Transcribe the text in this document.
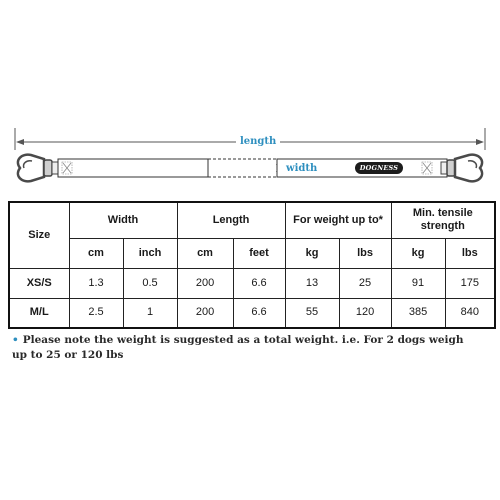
length
width	DOGNESS
Size	Width		Length		For weight up to*		Min. tensile strength	
	cm	inch	cm	feet	kg	lbs	kg	lbs
XS/S	1.3	0.5	200	6.6	13	25	91	175
M/L	2.5	1	200	6.6	55	120	385	840
• Please note the weight is suggested as a total weight. i.e. For 2 dogs weigh up to 25 or 120 lbs
